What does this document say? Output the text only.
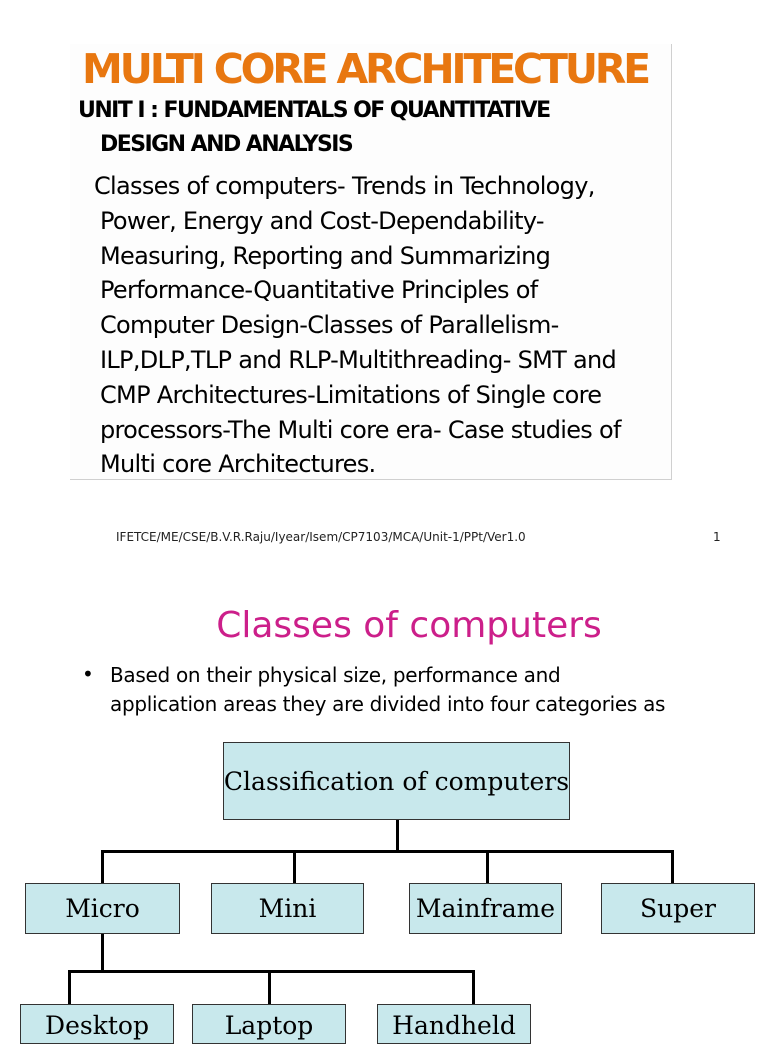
MULTI CORE ARCHITECTURE
UNIT I : FUNDAMENTALS OF QUANTITATIVE
DESIGN AND ANALYSIS
Classes of computers- Trends in Technology,
Power, Energy and Cost-Dependability-
Measuring, Reporting and Summarizing
Performance-Quantitative Principles of
Computer Design-Classes of Parallelism-
ILP,DLP,TLP and RLP-Multithreading- SMT and
CMP Architectures-Limitations of Single core
processors-The Multi core era- Case studies of
Multi core Architectures.
IFETCE/ME/CSE/B.V.R.Raju/Iyear/Isem/CP7103/MCA/Unit-1/PPt/Ver1.0	1
Classes of computers
• Based on their physical size, performance and
application areas they are divided into four categories as
Classification of computers
Micro	Mini	Mainframe	Super
Desktop	Laptop	Handheld
